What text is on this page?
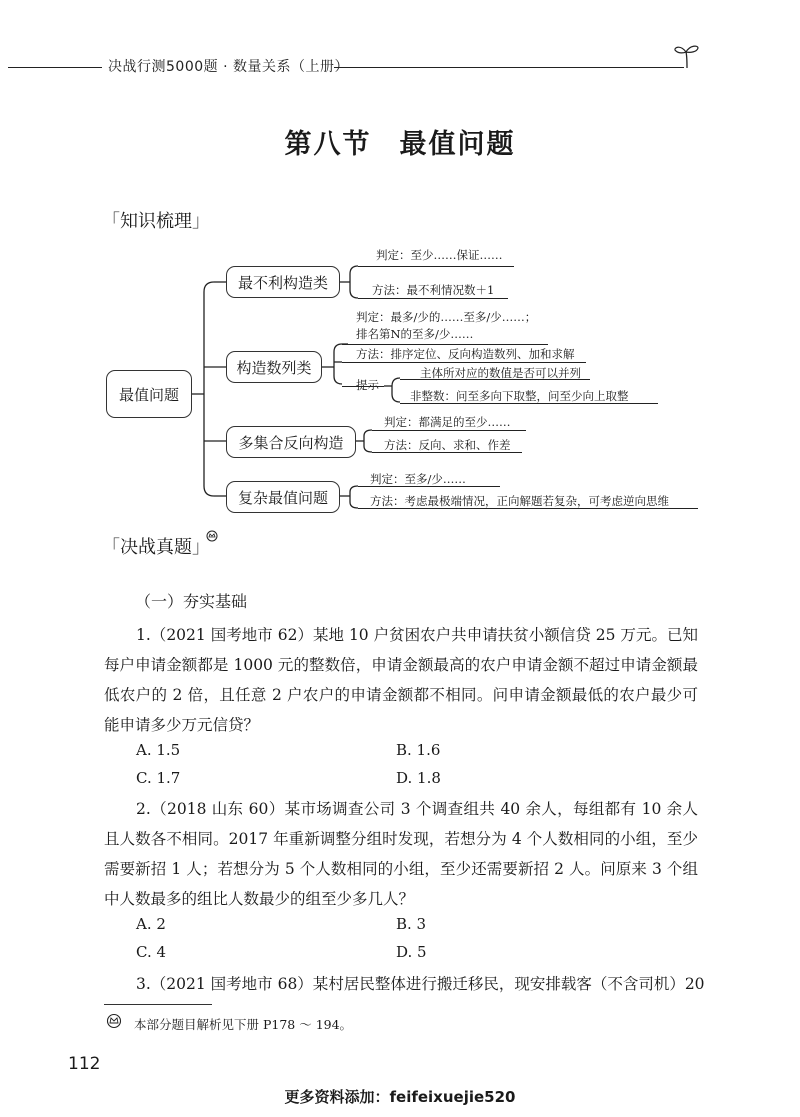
决战行测5000题 · 数量关系（上册）
第八节 最值问题
「知识梳理」
最值问题
最不利构造类
构造数列类
多集合反向构造
复杂最值问题
判定：至少……保证……
方法：最不利情况数＋1
判定：最多/少的……至多/少……；
排名第N的至多/少……
方法：排序定位、反向构造数列、加和求解
提示
主体所对应的数值是否可以并列
非整数：问至多向下取整，问至少向上取整
判定：都满足的至少……
方法：反向、求和、作差
判定：至多/少……
方法：考虑最极端情况，正向解题若复杂，可考虑逆向思维
「决战真题」
（一）夯实基础
1.（2021 国考地市 62）某地 10 户贫困农户共申请扶贫小额信贷 25 万元。已知每户申请金额都是 1000 元的整数倍，申请金额最高的农户申请金额不超过申请金额最低农户的 2 倍，且任意 2 户农户的申请金额都不相同。问申请金额最低的农户最少可能申请多少万元信贷？
A. 1.5	B. 1.6
C. 1.7	D. 1.8
2.（2018 山东 60）某市场调查公司 3 个调查组共 40 余人，每组都有 10 余人且人数各不相同。2017 年重新调整分组时发现，若想分为 4 个人数相同的小组，至少需要新招 1 人；若想分为 5 个人数相同的小组，至少还需要新招 2 人。问原来 3 个组中人数最多的组比人数最少的组至少多几人？
A. 2	B. 3
C. 4	D. 5
3.（2021 国考地市 68）某村居民整体进行搬迁移民，现安排载客（不含司机）20
本部分题目解析见下册 P178 ～ 194。
112
更多资料添加：feifeixuejie520
